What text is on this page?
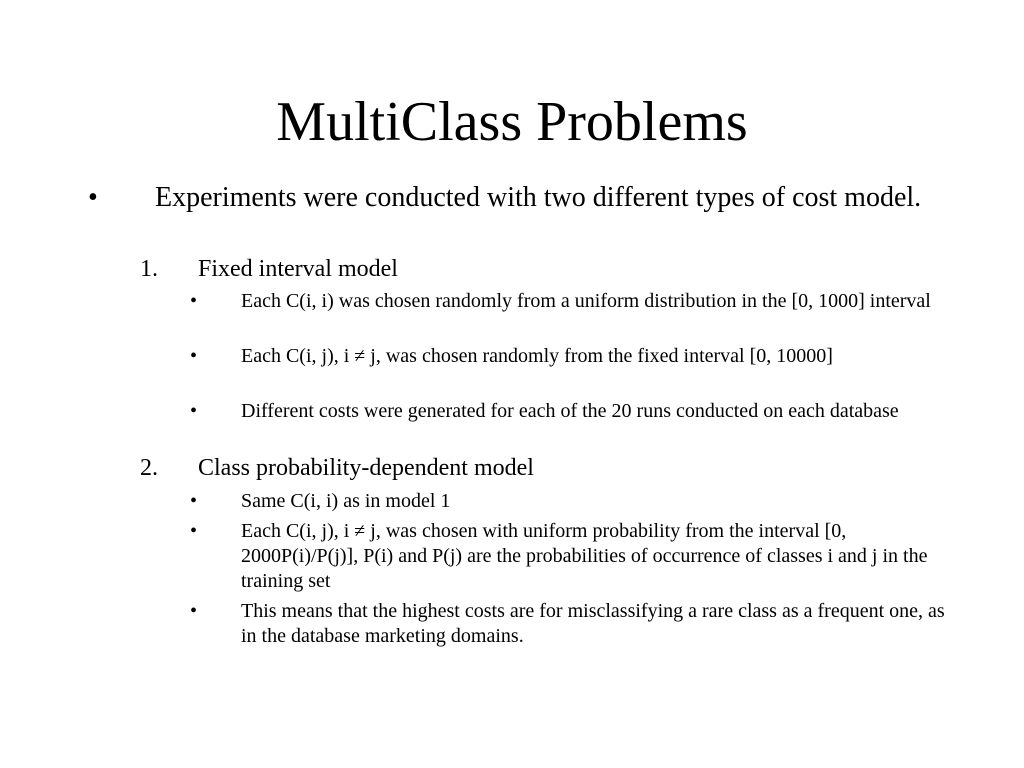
MultiClass Problems
• Experiments were conducted with two different types of cost model.
1. Fixed interval model
• Each C(i, i) was chosen randomly from a uniform distribution in the [0, 1000] interval
• Each C(i, j), i ≠ j, was chosen randomly from the fixed interval [0, 10000]
• Different costs were generated for each of the 20 runs conducted on each database
2. Class probability-dependent model
• Same C(i, i) as in model 1
• Each C(i, j), i ≠ j, was chosen with uniform probability from the interval [0, 2000P(i)/P(j)], P(i) and P(j) are the probabilities of occurrence of classes i and j in the training set
• This means that the highest costs are for misclassifying a rare class as a frequent one, as in the database marketing domains.
